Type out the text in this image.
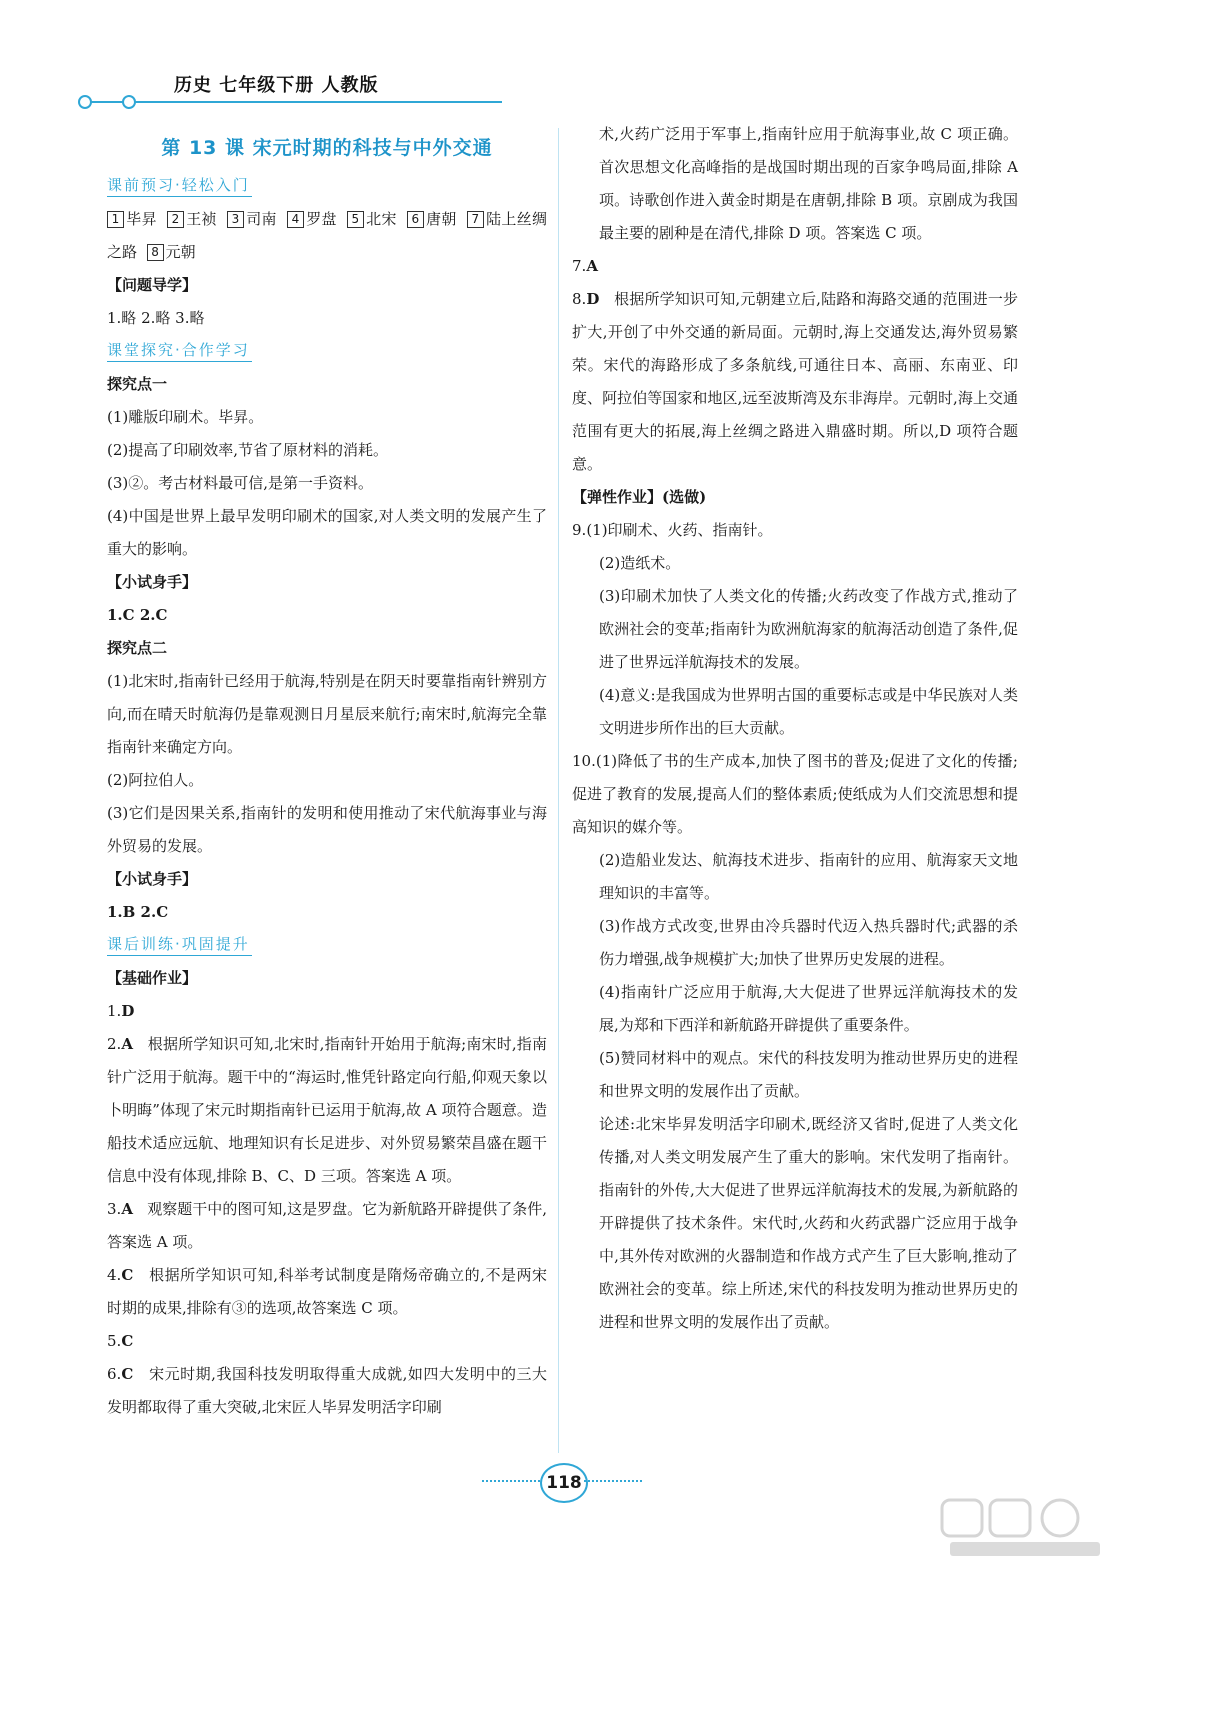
历史 七年级下册 人教版
第 13 课 宋元时期的科技与中外交通
课前预习·轻松入门

1 毕昇 2 王祯 3 司南 4 罗盘 5 北宋 6 唐朝 7 陆上丝绸之路 8 元朝

【问题导学】

1.略 2.略 3.略

课堂探究·合作学习

探究点一

(1)雕版印刷术。毕昇。

(2)提高了印刷效率,节省了原材料的消耗。

(3)②。考古材料最可信,是第一手资料。

(4)中国是世界上最早发明印刷术的国家,对人类文明的发展产生了重大的影响。

【小试身手】

1.C 2.C

探究点二

(1)北宋时,指南针已经用于航海,特别是在阴天时要靠指南针辨别方向,而在晴天时航海仍是靠观测日月星辰来航行;南宋时,航海完全靠指南针来确定方向。

(2)阿拉伯人。

(3)它们是因果关系,指南针的发明和使用推动了宋代航海事业与海外贸易的发展。

【小试身手】

1.B 2.C

课后训练·巩固提升

【基础作业】

1.D

2.A 根据所学知识可知,北宋时,指南针开始用于航海;南宋时,指南针广泛用于航海。题干中的“海运时,惟凭针路定向行船,仰观天象以卜明晦”体现了宋元时期指南针已运用于航海,故 A 项符合题意。造船技术适应远航、地理知识有长足进步、对外贸易繁荣昌盛在题干信息中没有体现,排除 B、C、D 三项。答案选 A 项。

3.A 观察题干中的图可知,这是罗盘。它为新航路开辟提供了条件,答案选 A 项。

4.C 根据所学知识可知,科举考试制度是隋炀帝确立的,不是两宋时期的成果,排除有③的选项,故答案选 C 项。

5.C

6.C 宋元时期,我国科技发明取得重大成就,如四大发明中的三大发明都取得了重大突破,北宋匠人毕昇发明活字印刷

术,火药广泛用于军事上,指南针应用于航海事业,故 C 项正确。首次思想文化高峰指的是战国时期出现的百家争鸣局面,排除 A 项。诗歌创作进入黄金时期是在唐朝,排除 B 项。京剧成为我国最主要的剧种是在清代,排除 D 项。答案选 C 项。

7.A

8.D 根据所学知识可知,元朝建立后,陆路和海路交通的范围进一步扩大,开创了中外交通的新局面。元朝时,海上交通发达,海外贸易繁荣。宋代的海路形成了多条航线,可通往日本、高丽、东南亚、印度、阿拉伯等国家和地区,远至波斯湾及东非海岸。元朝时,海上交通范围有更大的拓展,海上丝绸之路进入鼎盛时期。所以,D 项符合题意。

【弹性作业】(选做)

9.(1)印刷术、火药、指南针。

(2)造纸术。

(3)印刷术加快了人类文化的传播;火药改变了作战方式,推动了欧洲社会的变革;指南针为欧洲航海家的航海活动创造了条件,促进了世界远洋航海技术的发展。

(4)意义:是我国成为世界明古国的重要标志或是中华民族对人类文明进步所作出的巨大贡献。

10.(1)降低了书的生产成本,加快了图书的普及;促进了文化的传播;促进了教育的发展,提高人们的整体素质;使纸成为人们交流思想和提高知识的媒介等。

(2)造船业发达、航海技术进步、指南针的应用、航海家天文地理知识的丰富等。

(3)作战方式改变,世界由冷兵器时代迈入热兵器时代;武器的杀伤力增强,战争规模扩大;加快了世界历史发展的进程。

(4)指南针广泛应用于航海,大大促进了世界远洋航海技术的发展,为郑和下西洋和新航路开辟提供了重要条件。

(5)赞同材料中的观点。宋代的科技发明为推动世界历史的进程和世界文明的发展作出了贡献。

论述:北宋毕昇发明活字印刷术,既经济又省时,促进了人类文化传播,对人类文明发展产生了重大的影响。宋代发明了指南针。指南针的外传,大大促进了世界远洋航海技术的发展,为新航路的开辟提供了技术条件。宋代时,火药和火药武器广泛应用于战争中,其外传对欧洲的火器制造和作战方式产生了巨大影响,推动了欧洲社会的变革。综上所述,宋代的科技发明为推动世界历史的进程和世界文明的发展作出了贡献。

118
